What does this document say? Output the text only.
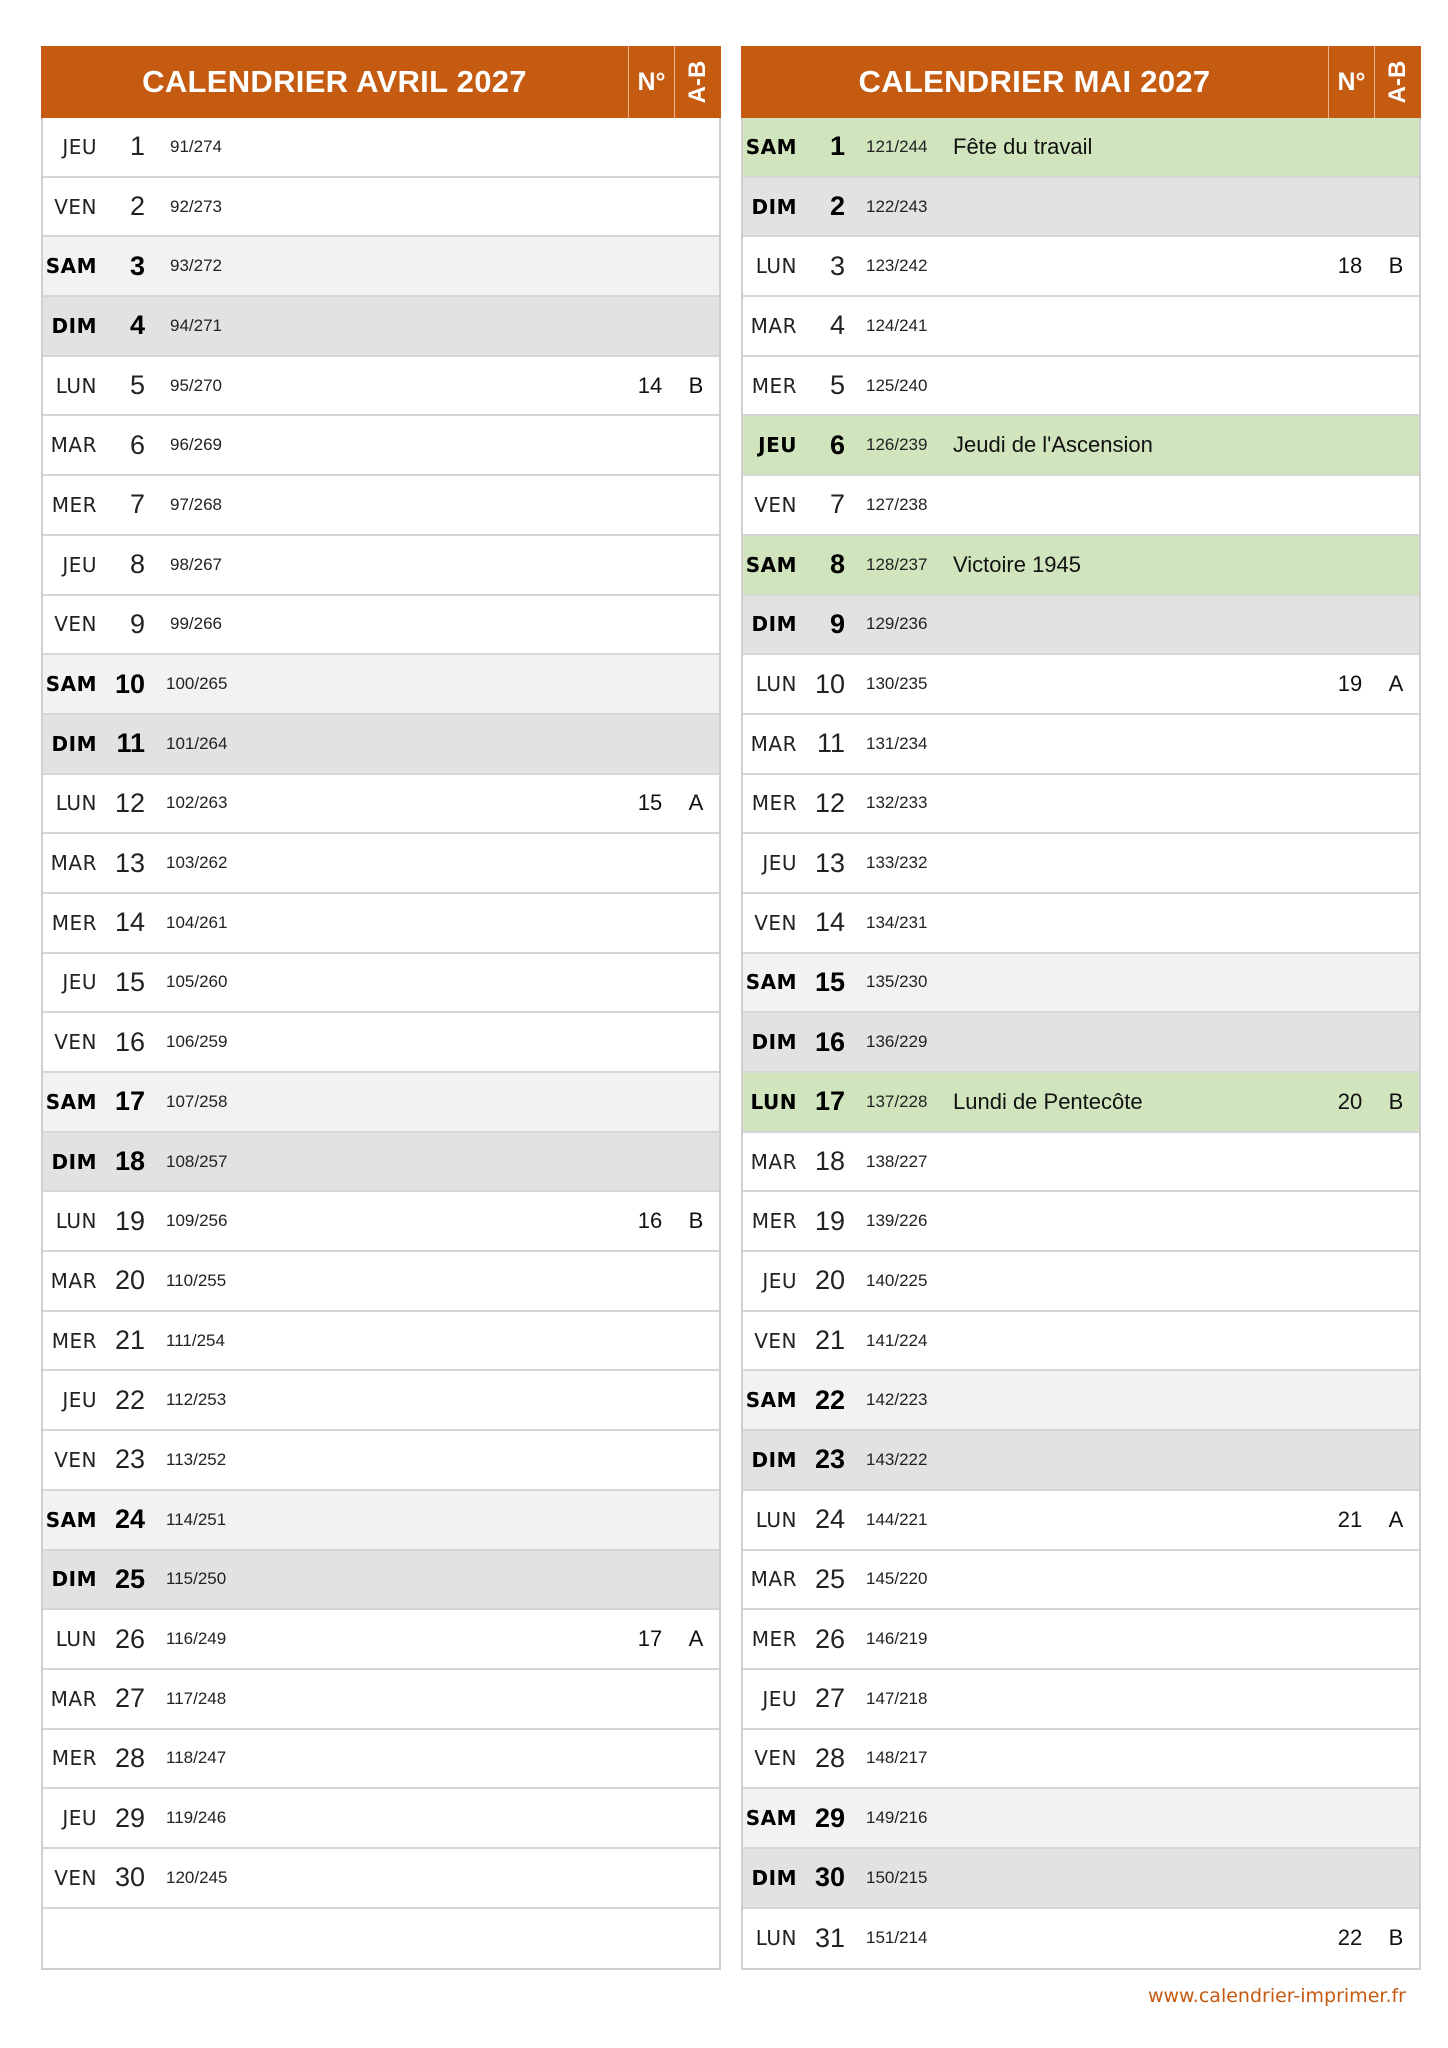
CALENDRIER AVRIL 2027	N° A-B
JEU	1	91/274
VEN	2	92/273
SAM	3	93/272
DIM	4	94/271
LUN	5	95/270	14	B
MAR	6	96/269
MER	7	97/268
JEU	8	98/267
VEN	9	99/266
SAM 10	100/265
DIM 11	101/264
LUN 12	102/263	15	A
MAR 13	103/262
MER 14	104/261
JEU 15	105/260
VEN 16	106/259
SAM 17	107/258
DIM 18	108/257
LUN 19	109/256	16	B
MAR 20	110/255
MER 21	111/254
JEU 22	112/253
VEN 23	113/252
SAM 24	114/251
DIM 25	115/250
LUN 26	116/249	17	A
MAR 27	117/248
MER 28	118/247
JEU 29	119/246
VEN 30	120/245
CALENDRIER MAI 2027	N° A-B
SAM	1	121/244	Fête du travail
DIM	2	122/243
LUN	3	123/242	18	B
MAR	4	124/241
MER	5	125/240
JEU	6	126/239	Jeudi de l'Ascension
VEN	7	127/238
SAM	8	128/237	Victoire 1945
DIM	9	129/236
LUN 10	130/235	19	A
MAR 11	131/234
MER 12	132/233
JEU 13	133/232
VEN 14	134/231
SAM 15	135/230
DIM 16	136/229
LUN 17	137/228	Lundi de Pentecôte	20	B
MAR 18	138/227
MER 19	139/226
JEU 20	140/225
VEN 21	141/224
SAM 22	142/223
DIM 23	143/222
LUN 24	144/221	21	A
MAR 25	145/220
MER 26	146/219
JEU 27	147/218
VEN 28	148/217
SAM 29	149/216
DIM 30	150/215
LUN 31	151/214	22	B
www.calendrier-imprimer.fr
